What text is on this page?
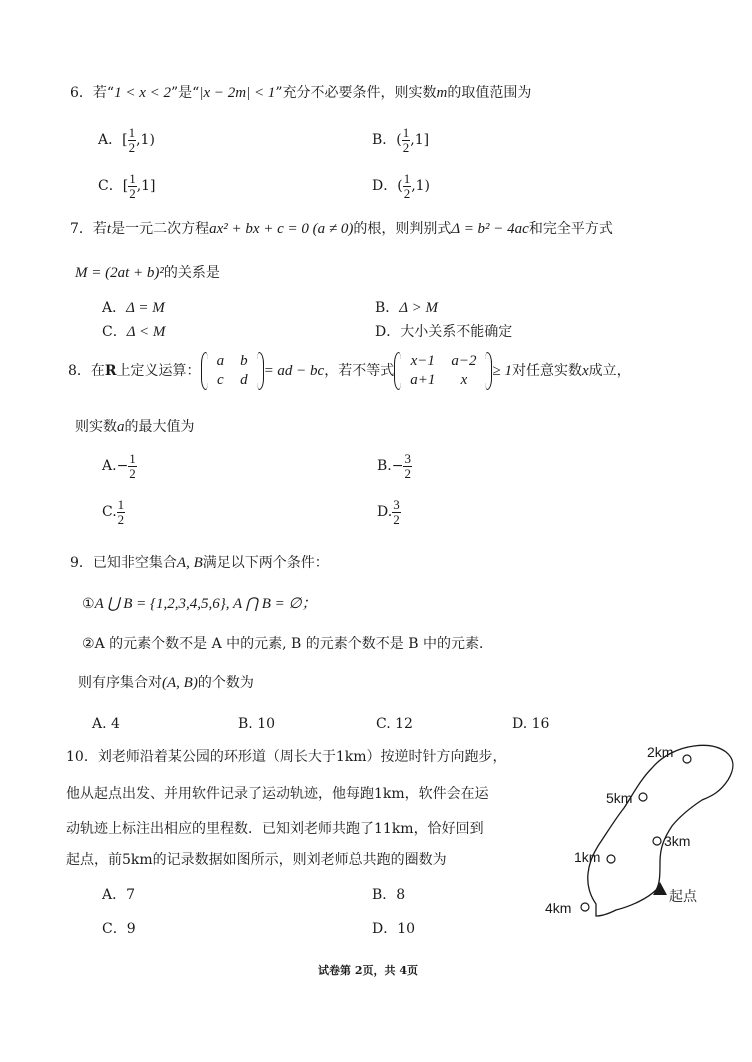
6．若“1 < x < 2”是“|x − 2m| < 1”充分不必要条件，则实数m的取值范围为
A．[ $\frac{1}{2} ,1$)	B．( $\frac{1}{2} ,1$]
C．[ $\frac{1}{2} ,1$]	D．( $\frac{1}{2} ,1$)
7．若t是一元二次方程ax² + bx + c = 0 (a ≠ 0)的根，则判别式Δ = b² − 4ac和完全平方式
M = (2at + b)²的关系是
A．Δ = M	B．Δ > M
C．Δ < M	D．大小关系不能确定
8．在R上定义运算：
a	b
c	d
= ad − bc，若不等式
x−1	a−2
a+1	x
≥ 1对任意实数x成立，
则实数a的最大值为
$A.- \frac{1}{2}$	$B.- \frac{3}{2}$
C. $\frac{1}{2}$	D. $\frac{3}{2}$
9．已知非空集合A, B满足以下两个条件：
①A ⋃ B = {1,2,3,4,5,6}, A ⋂ B = ∅；
②A 的元素个数不是 A 中的元素, B 的元素个数不是 B 中的元素．
则有序集合对(A, B)的个数为
A. 4	B. 10	C. 12	D. 16
10．刘老师沿着某公园的环形道（周长大于1km）按逆时针方向跑步，
他从起点出发、并用软件记录了运动轨迹，他每跑1km，软件会在运
动轨迹上标注出相应的里程数．已知刘老师共跑了11km，恰好回到
起点，前5km的记录数据如图所示，则刘老师总共跑的圈数为
A．7	B．8
C．9	D．10
2km
5km
3km
1km
4km
起点
试卷第 2页，共 4页
